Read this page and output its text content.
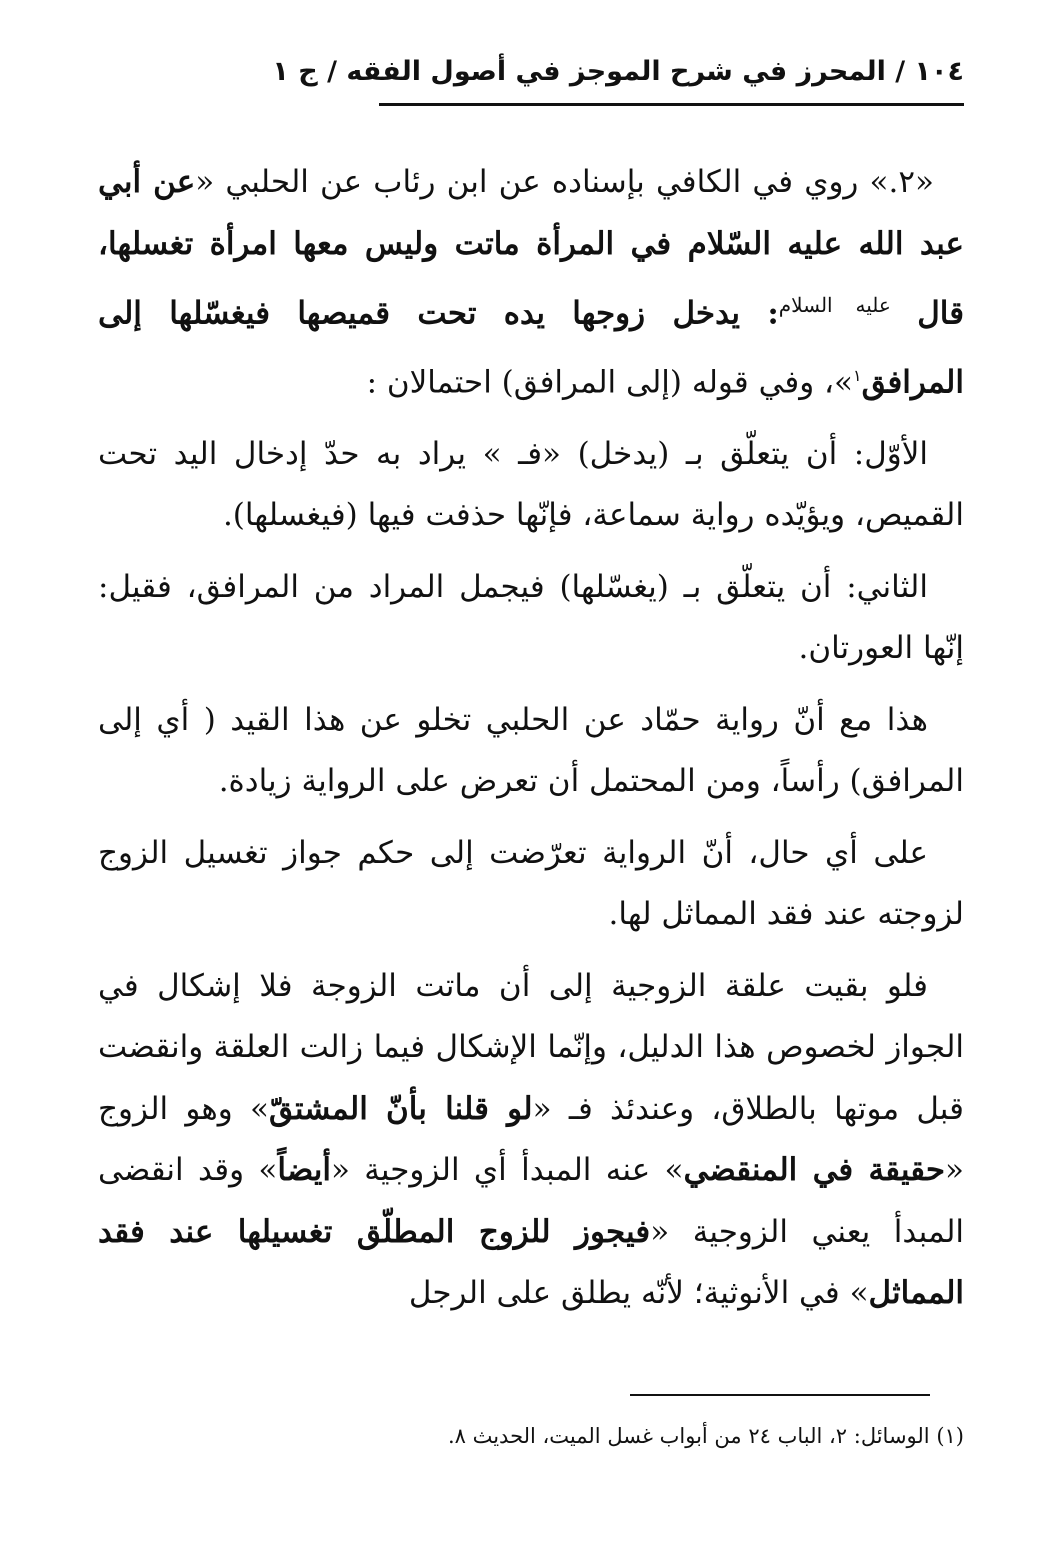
١٠٤ / المحرز في شرح الموجز في أصول الفقه / ج ١

«٢.» روي في الكافي بإسناده عن ابن رئاب عن الحلبي «عن أبي عبد الله عليه السّلام في المرأة ماتت وليس معها امرأة تغسلها، قال $^{عليه السلام}$: يدخل زوجها يده تحت قميصها فيغسّلها إلى المرافق$^١$»، وفي قوله (إلى المرافق) احتمالان :

الأوّل: أن يتعلّق بـ (يدخل) «فـ » يراد به حدّ إدخال اليد تحت القميص، ويؤيّده رواية سماعة، فإنّها حذفت فيها (فيغسلها).

الثاني: أن يتعلّق بـ (يغسّلها) فيجمل المراد من المرافق، فقيل: إنّها العورتان.

هذا مع أنّ رواية حمّاد عن الحلبي تخلو عن هذا القيد ( أي إلى المرافق) رأساً، ومن المحتمل أن تعرض على الرواية زيادة.

على أي حال، أنّ الرواية تعرّضت إلى حكم جواز تغسيل الزوج لزوجته عند فقد المماثل لها.

فلو بقيت علقة الزوجية إلى أن ماتت الزوجة فلا إشكال في الجواز لخصوص هذا الدليل، وإنّما الإشكال فيما زالت العلقة وانقضت قبل موتها بالطلاق، وعندئذ فـ «لو قلنا بأنّ المشتقّ» وهو الزوج «حقيقة في المنقضي» عنه المبدأ أي الزوجية «أيضاً» وقد انقضى المبدأ يعني الزوجية «فيجوز للزوج المطلّق تغسيلها عند فقد المماثل» في الأنوثية؛ لأنّه يطلق على الرجل

(١) الوسائل: ٢، الباب ٢٤ من أبواب غسل الميت، الحديث ٨.
